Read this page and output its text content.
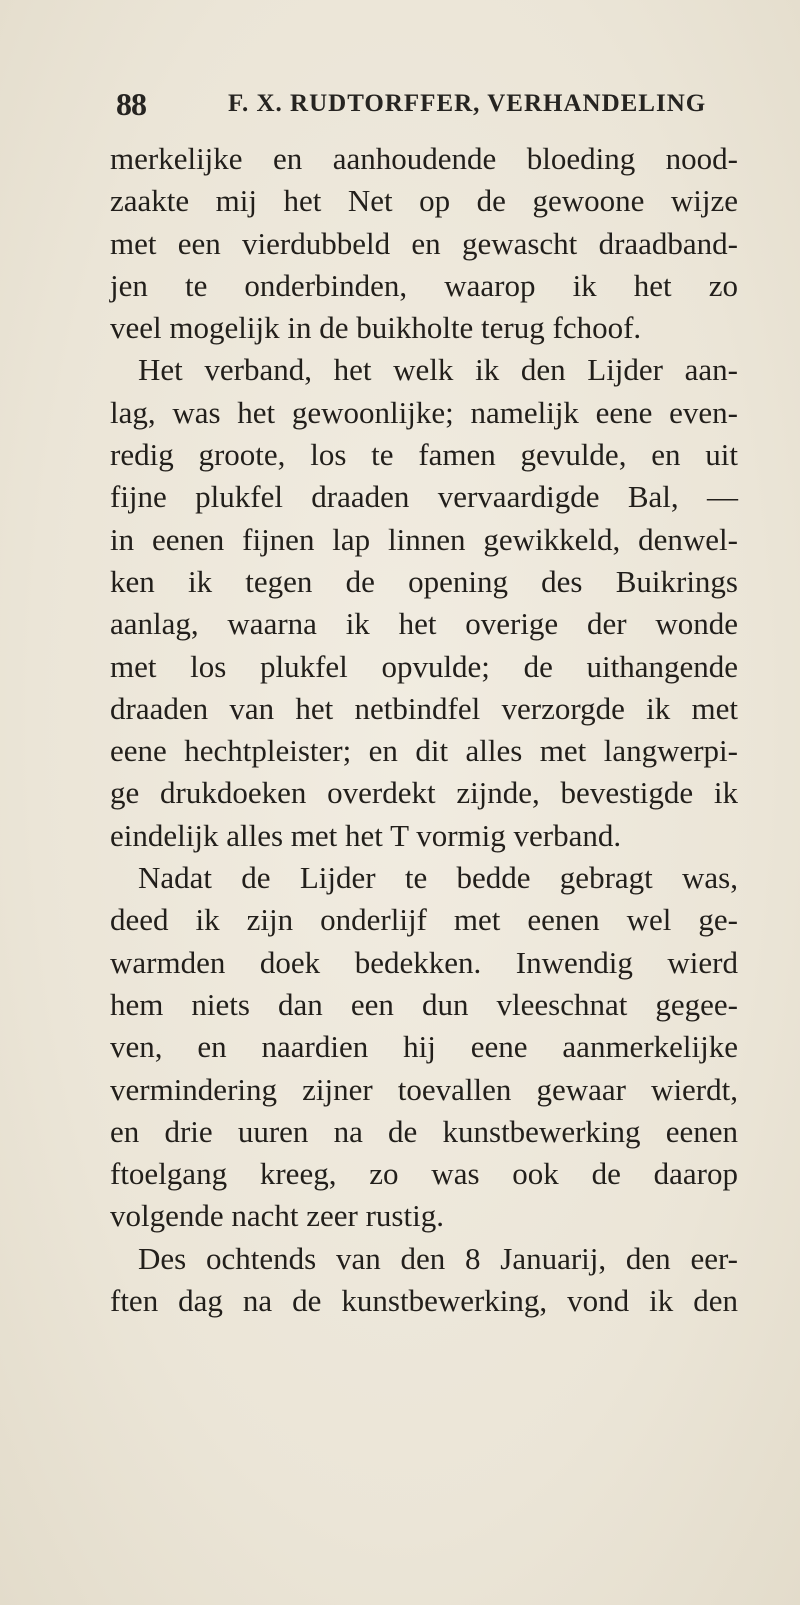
88	F. X. RUDTORFFER, VERHANDELING
merkelijke en aanhoudende bloeding nood-
zaakte mij het Net op de gewoone wijze
met een vierdubbeld en gewascht draadband-
jen te onderbinden, waarop ik het zo
veel mogelijk in de buikholte terug fchoof.
Het verband, het welk ik den Lijder aan-
lag, was het gewoonlijke; namelijk eene even-
redig groote, los te famen gevulde, en uit
fijne plukfel draaden vervaardigde Bal, —
in eenen fijnen lap linnen gewikkeld, denwel-
ken ik tegen de opening des Buikrings
aanlag, waarna ik het overige der wonde
met los plukfel opvulde; de uithangende
draaden van het netbindfel verzorgde ik met
eene hechtpleister; en dit alles met langwerpi-
ge drukdoeken overdekt zijnde, bevestigde ik
eindelijk alles met het T vormig verband.
Nadat de Lijder te bedde gebragt was,
deed ik zijn onderlijf met eenen wel ge-
warmden doek bedekken. Inwendig wierd
hem niets dan een dun vleeschnat gegee-
ven, en naardien hij eene aanmerkelijke
vermindering zijner toevallen gewaar wierdt,
en drie uuren na de kunstbewerking eenen
ftoelgang kreeg, zo was ook de daarop
volgende nacht zeer rustig.
Des ochtends van den 8 Januarij, den eer-
ften dag na de kunstbewerking, vond ik den
